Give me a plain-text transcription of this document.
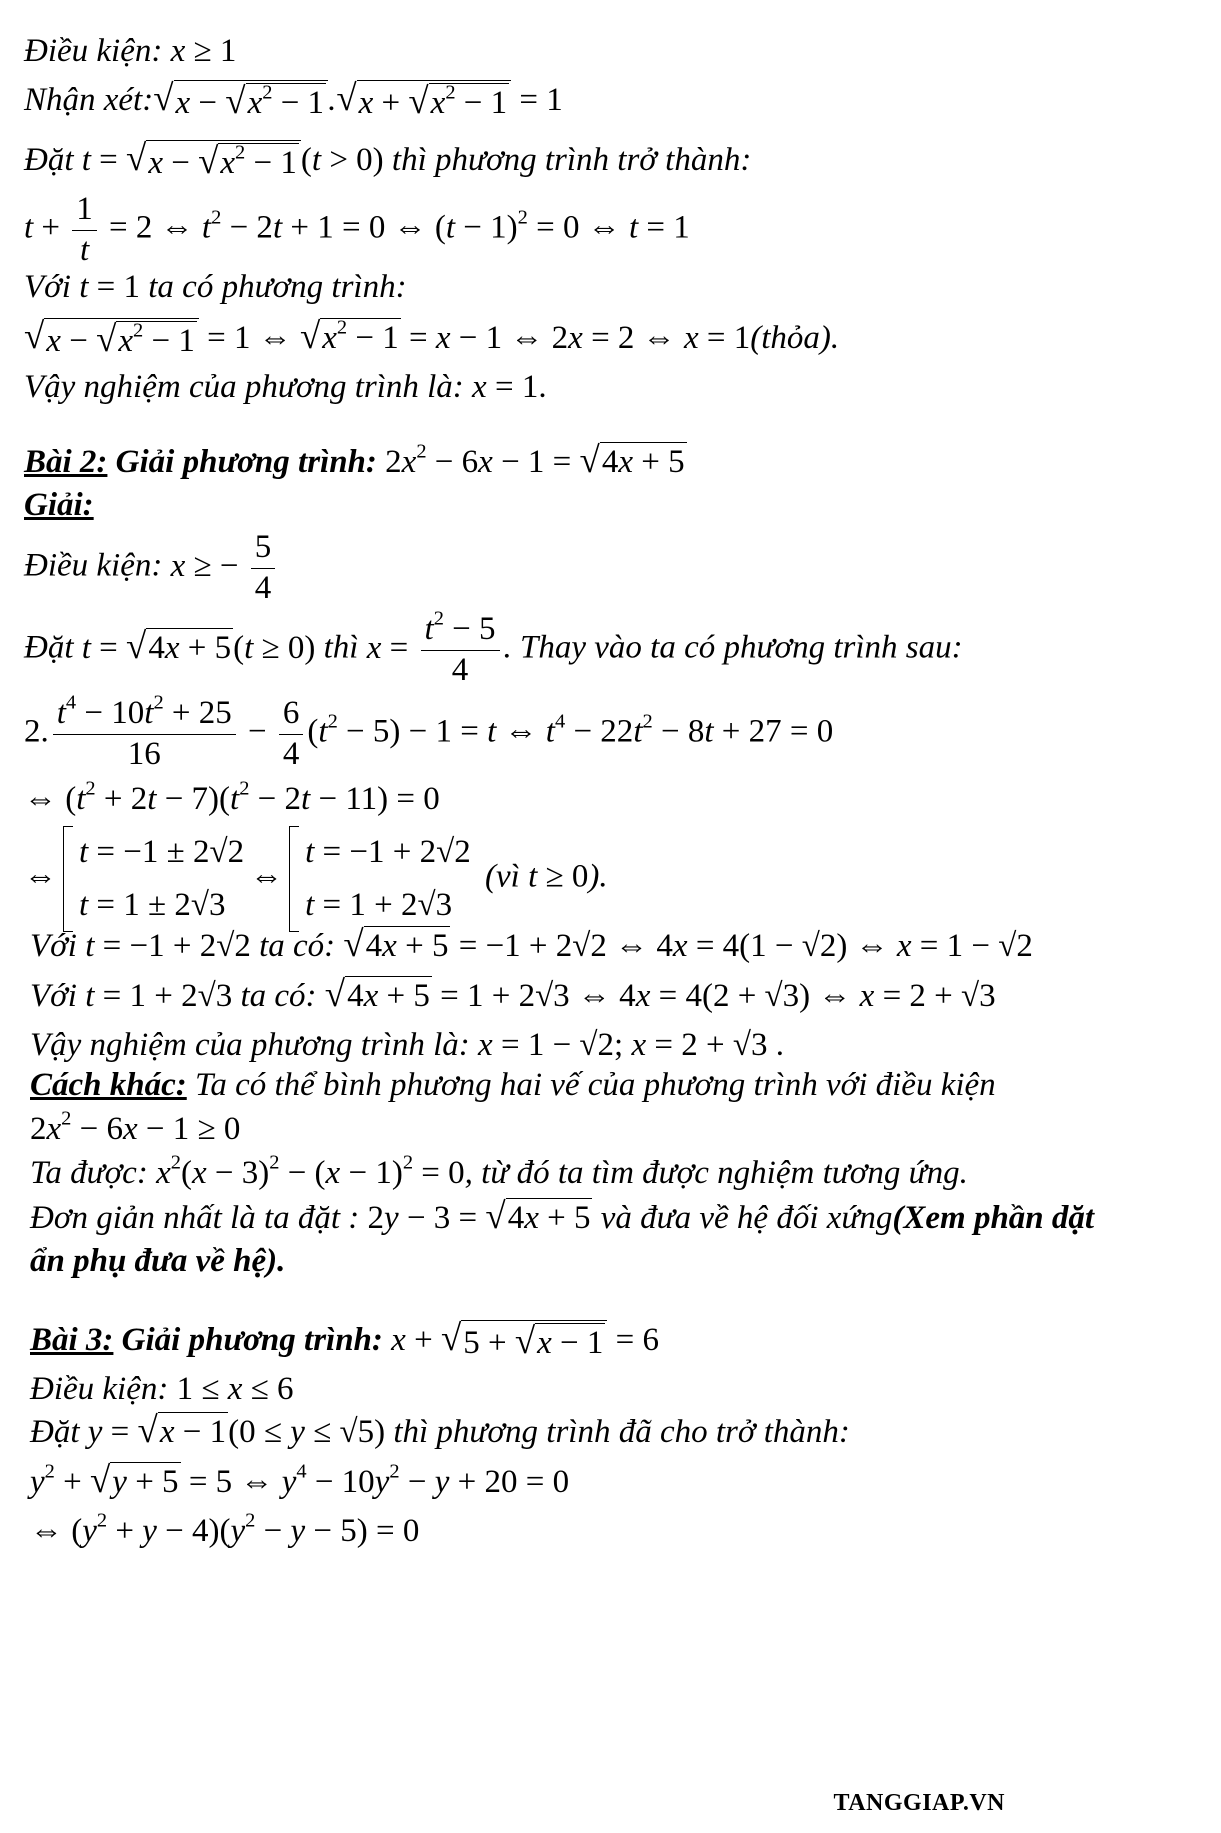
Điều kiện: x ≥ 1
Nhận xét: √ x − √ $x^2 - 1$ . √ x + √ $x^2 - 1 = 1$
Đặt t = √ x − √ $x^2 - 1$ (t > 0) thì phương trình trở thành:
$t + \frac{1}{t} = 2$ ⇔ $t^2 - 2t + 1 = 0$ ⇔ $(t - 1)^2 = 0$ ⇔ t = 1
Với t = 1 ta có phương trình:
√ x − √ $x^2 - 1 = 1$ ⇔ √ $x^2 - 1 = x - 1$ ⇔ 2x = 2 ⇔ x = 1(thỏa).
Vậy nghiệm của phương trình là: x = 1.
Bài 2: Giải phương trình: $2x^2 - 6x - 1$ = √ 4x + 5
Giải:
Điều kiện: x ≥ − $\frac{5}{4}$
Đặt t = √ 4x + 5 (t ≥ 0) thì $x = \frac{t^2 - 5}{4}$ . Thay vào ta có phương trình sau:
2. $\frac{t^4 - 10t^2 + 25}{16} - \frac{6}{4} (t^2 - 5) - 1 = t$ ⇔ $t^4 - 22t^2 - 8t + 27 = 0$
⇔ $(t^2 + 2t - 7)(t^2 - 2t - 11) = 0$
⇔
t = −1 ± 2√2
t = 1 ± 2√3
⇔
t = −1 + 2√2
t = 1 + 2√3
(vì t ≥ 0).
Với t = −1 + 2√2 ta có: √ 4x + 5 = −1 + 2√2 ⇔ 4x = 4(1 − √2) ⇔ x = 1 − √2
Với t = 1 + 2√3 ta có: √ 4x + 5 = 1 + 2√3 ⇔ 4x = 4(2 + √3) ⇔ x = 2 + √3
Vậy nghiệm của phương trình là: x = 1 − √2; x = 2 + √3 .
Cách khác: Ta có thể bình phương hai vế của phương trình với điều kiện
$2x^2 - 6x - 1 \ge 0$
Ta được: $x^2(x - 3)^2 - (x - 1)^2 = 0$, từ đó ta tìm được nghiệm tương ứng.
Đơn giản nhất là ta đặt : 2y − 3 = √ 4x + 5 và đưa về hệ đối xứng(Xem phần dặt
ẩn phụ đưa về hệ).
Bài 3: Giải phương trình: x + √ 5 + √ x − 1 = 6
Điều kiện: 1 ≤ x ≤ 6
Đặt y = √ x − 1 (0 ≤ y ≤ √5) thì phương trình đã cho trở thành:
$y^2$ + √ y + 5 = 5 ⇔ $y^4 - 10y^2 - y + 20 = 0$
⇔ $(y^2 + y - 4)(y^2 - y - 5) = 0$
TANGGIAP.VN
